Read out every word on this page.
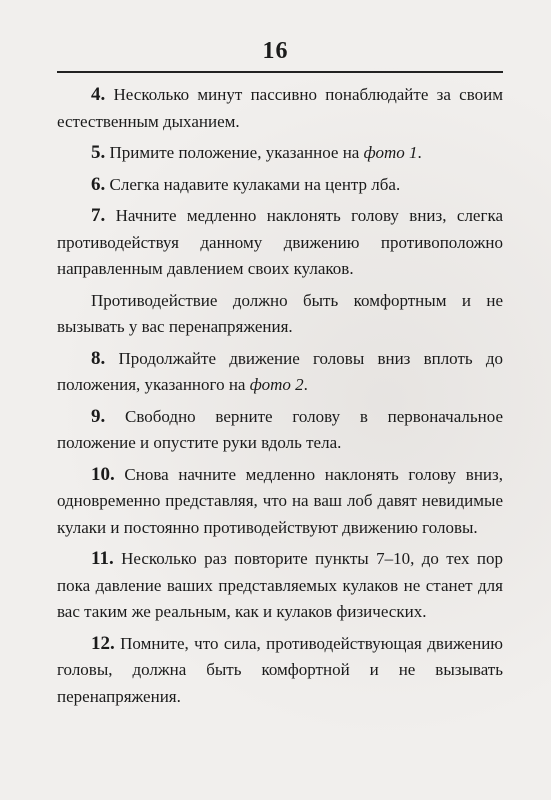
16

4. Несколько минут пассивно понаблюдайте за своим естественным дыханием.

5. Примите положение, указанное на фото 1.

6. Слегка надавите кулаками на центр лба.

7. Начните медленно наклонять голову вниз, слегка противодействуя данному движению противоположно направленным давлением своих кулаков.

Противодействие должно быть комфортным и не вызывать у вас перенапряжения.

8. Продолжайте движение головы вниз вплоть до положения, указанного на фото 2.

9. Свободно верните голову в первоначальное положение и опустите руки вдоль тела.

10. Снова начните медленно наклонять голову вниз, одновременно представляя, что на ваш лоб давят невидимые кулаки и постоянно противодействуют движению головы.

11. Несколько раз повторите пункты 7–10, до тех пор пока давление ваших представляемых кулаков не станет для вас таким же реальным, как и кулаков физических.

12. Помните, что сила, противодействующая движению головы, должна быть комфортной и не вызывать перенапряжения.
